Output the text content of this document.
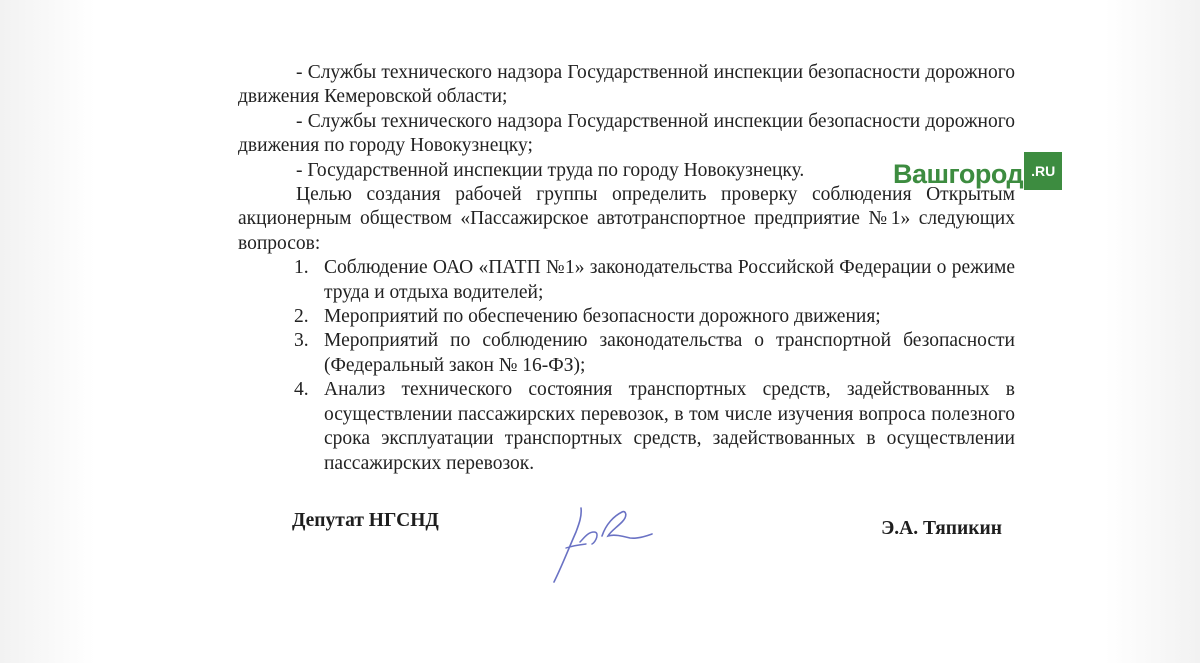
- Службы технического надзора Государственной инспекции безопасности дорожного движения Кемеровской области;

- Службы технического надзора Государственной инспекции безопасности дорожного движения по городу Новокузнецку;

- Государственной инспекции труда по городу Новокузнецку.

Целью создания рабочей группы определить проверку соблюдения Открытым акционерным обществом «Пассажирское автотранспортное предприятие №1» следующих вопросов:

1. Соблюдение ОАО «ПАТП №1» законодательства Российской Федерации о режиме труда и отдыха водителей;
2. Мероприятий по обеспечению безопасности дорожного движения;
3. Мероприятий по соблюдению законодательства о транспортной безопасности (Федеральный закон № 16-ФЗ);
4. Анализ технического состояния транспортных средств, задействованных в осуществлении пассажирских перевозок, в том числе изучения вопроса полезного срока эксплуатации транспортных средств, задействованных в осуществлении пассажирских перевозок.
Депутат НГСНД	Э.А. Тяпикин
Вашгород .RU
